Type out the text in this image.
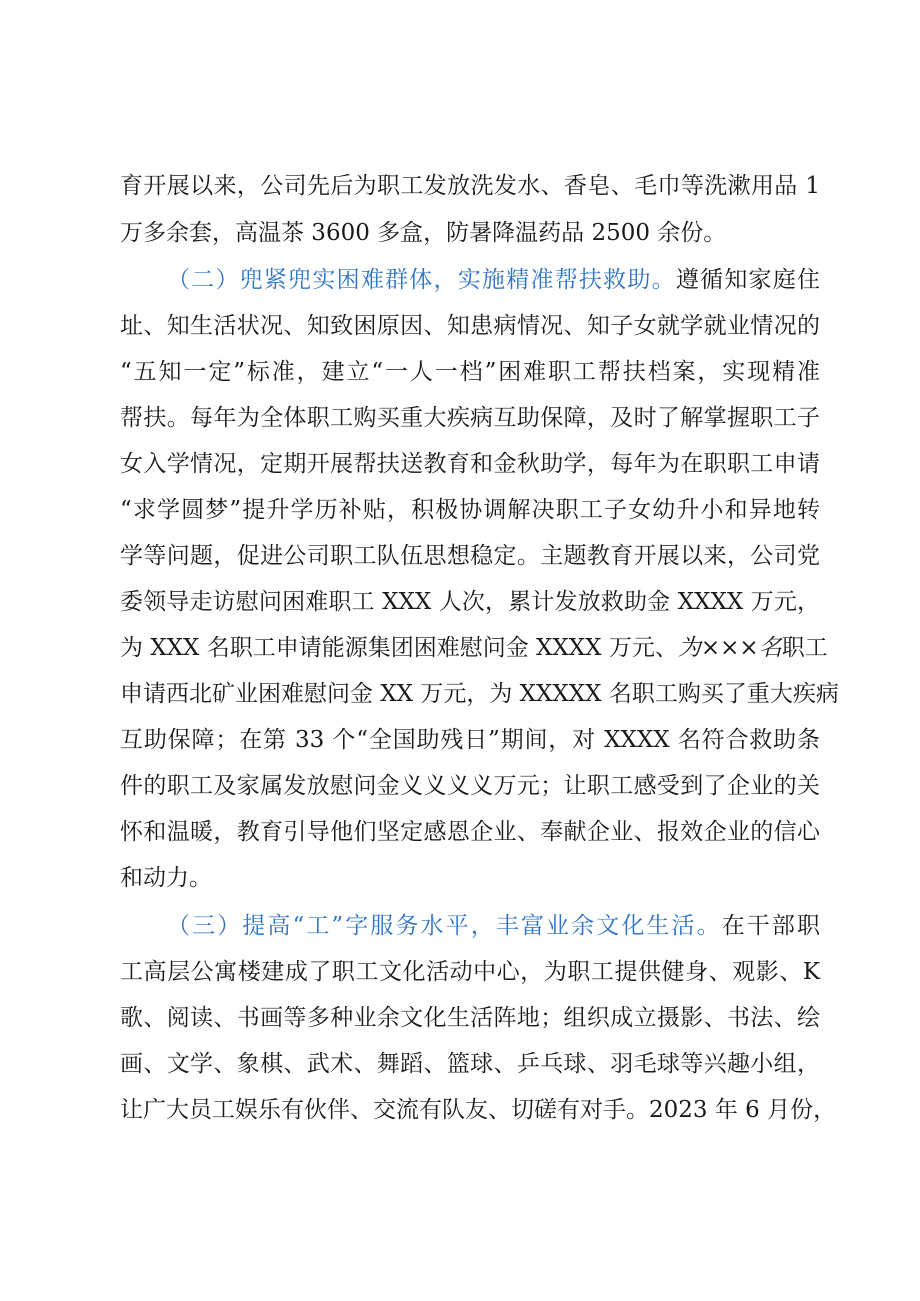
育开展以来，公司先后为职工发放洗发水、香皂、毛巾等洗漱用品 1
万多余套，高温茶 3600 多盒，防暑降温药品 2500 余份。
（二）兜紧兜实困难群体，实施精准帮扶救助。遵循知家庭住
址、知生活状况、知致困原因、知患病情况、知子女就学就业情况的
“五知一定”标准，建立“一人一档”困难职工帮扶档案，实现精准
帮扶。每年为全体职工购买重大疾病互助保障，及时了解掌握职工子
女入学情况，定期开展帮扶送教育和金秋助学，每年为在职职工申请
“求学圆梦”提升学历补贴，积极协调解决职工子女幼升小和异地转
学等问题，促进公司职工队伍思想稳定。主题教育开展以来，公司党
委领导走访慰问困难职工 XXX 人次，累计发放救助金 XXXX 万元，
为 XXX 名职工申请能源集团困难慰问金 XXXX 万元、为×××名职工
申请西北矿业困难慰问金 XX 万元，为 XXXXX 名职工购买了重大疾病
互助保障；在第 33 个“全国助残日”期间，对 XXXX 名符合救助条
件的职工及家属发放慰问金义义义义万元；让职工感受到了企业的关
怀和温暖，教育引导他们坚定感恩企业、奉献企业、报效企业的信心
和动力。
（三）提高“工”字服务水平，丰富业余文化生活。在干部职
工高层公寓楼建成了职工文化活动中心，为职工提供健身、观影、K
歌、阅读、书画等多种业余文化生活阵地；组织成立摄影、书法、绘
画、文学、象棋、武术、舞蹈、篮球、乒乓球、羽毛球等兴趣小组，
让广大员工娱乐有伙伴、交流有队友、切磋有对手。2023 年 6 月份，
